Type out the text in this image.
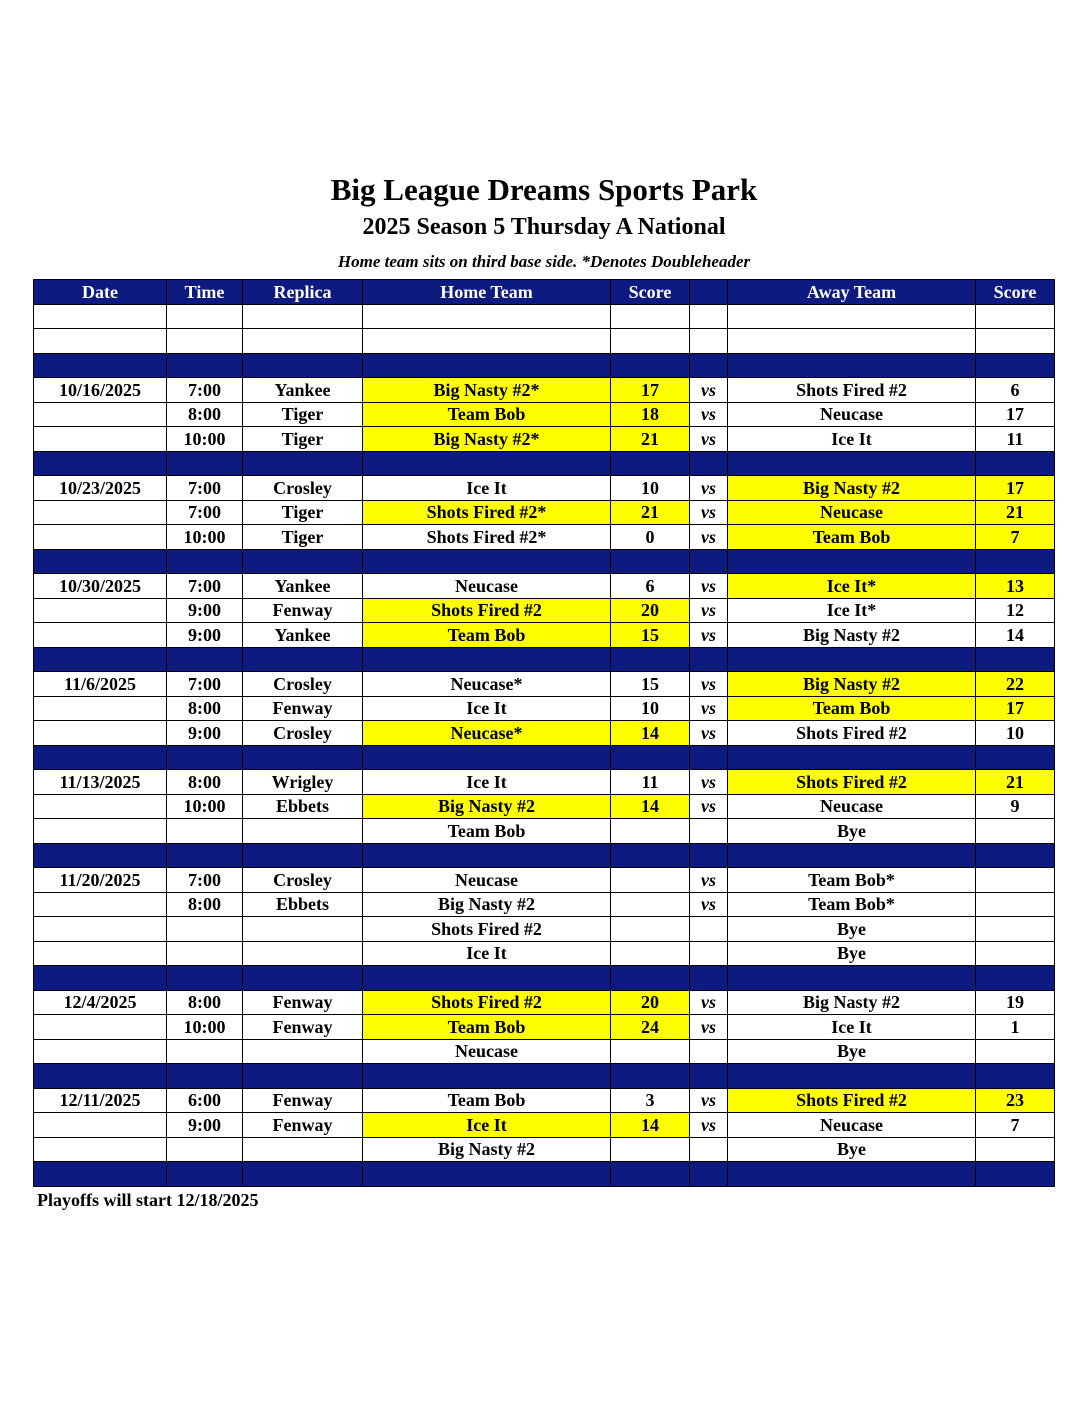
Big League Dreams Sports Park
2025 Season 5 Thursday A National
Home team sits on third base side. *Denotes Doubleheader
Date	Time	Replica	Home Team	Score		Away Team	Score

10/16/2025	7:00	Yankee	Big Nasty #2*	17	vs	Shots Fired #2	6
	8:00	Tiger	Team Bob	18	vs	Neucase	17
	10:00	Tiger	Big Nasty #2*	21	vs	Ice It	11

10/23/2025	7:00	Crosley	Ice It	10	vs	Big Nasty #2	17
	7:00	Tiger	Shots Fired #2*	21	vs	Neucase	21
	10:00	Tiger	Shots Fired #2*	0	vs	Team Bob	7

10/30/2025	7:00	Yankee	Neucase	6	vs	Ice It*	13
	9:00	Fenway	Shots Fired #2	20	vs	Ice It*	12
	9:00	Yankee	Team Bob	15	vs	Big Nasty #2	14

11/6/2025	7:00	Crosley	Neucase*	15	vs	Big Nasty #2	22
	8:00	Fenway	Ice It	10	vs	Team Bob	17
	9:00	Crosley	Neucase*	14	vs	Shots Fired #2	10

11/13/2025	8:00	Wrigley	Ice It	11	vs	Shots Fired #2	21
	10:00	Ebbets	Big Nasty #2	14	vs	Neucase	9
			Team Bob			Bye	

11/20/2025	7:00	Crosley	Neucase		vs	Team Bob*	
	8:00	Ebbets	Big Nasty #2		vs	Team Bob*	
			Shots Fired #2			Bye	
			Ice It			Bye	

12/4/2025	8:00	Fenway	Shots Fired #2	20	vs	Big Nasty #2	19
	10:00	Fenway	Team Bob	24	vs	Ice It	1
			Neucase			Bye	

12/11/2025	6:00	Fenway	Team Bob	3	vs	Shots Fired #2	23
	9:00	Fenway	Ice It	14	vs	Neucase	7
			Big Nasty #2			Bye	

Playoffs will start 12/18/2025
